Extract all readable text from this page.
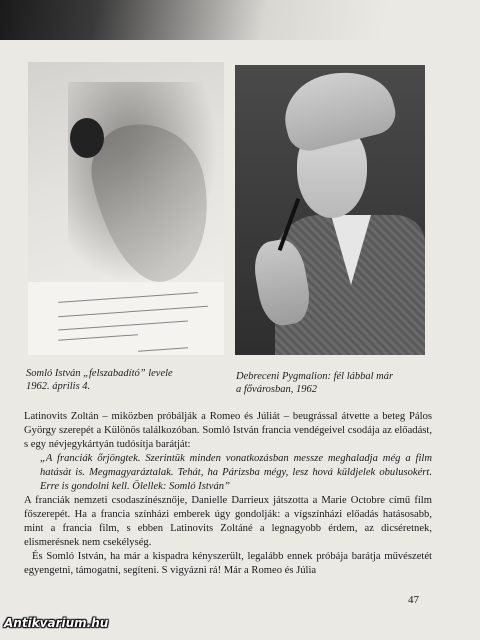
Somló István „felszabadító” levele
1962. április 4.
Debreceni Pygmalion: fél lábbal már
a fővárosban, 1962

Latinovits Zoltán – miközben próbálják a Romeo és Júliát – beugrással átvette a beteg Pálos György szerepét a Különös találkozóban. Somló István francia vendégeivel csodája az előadást, s egy névjegykártyán tudósítja barátját:

„A franciák őrjöngtek. Szerintük minden vonatkozásban messze meghaladja még a film hatását is. Megmagyaráztalak. Tehát, ha Párizsba mégy, lesz hová küldjelek obulusokért. Erre is gondolni kell. Ölellek: Somló István”

A franciák nemzeti csodaszínésznője, Danielle Darrieux játszotta a Marie Octobre című film főszerepét. Ha a francia színházi emberek úgy gondolják: a vígszínházi előadás hatásosabb, mint a francia film, s ebben Latinovits Zoltáné a legnagyobb érdem, az dicséretnek, elismerésnek nem csekélység.

És Somló István, ha már a kispadra kényszerült, legalább ennek próbája barátja művészetét egyengetni, támogatni, segíteni. S vigyázni rá! Már a Romeo és Júlia

47
Antikvarium.hu
